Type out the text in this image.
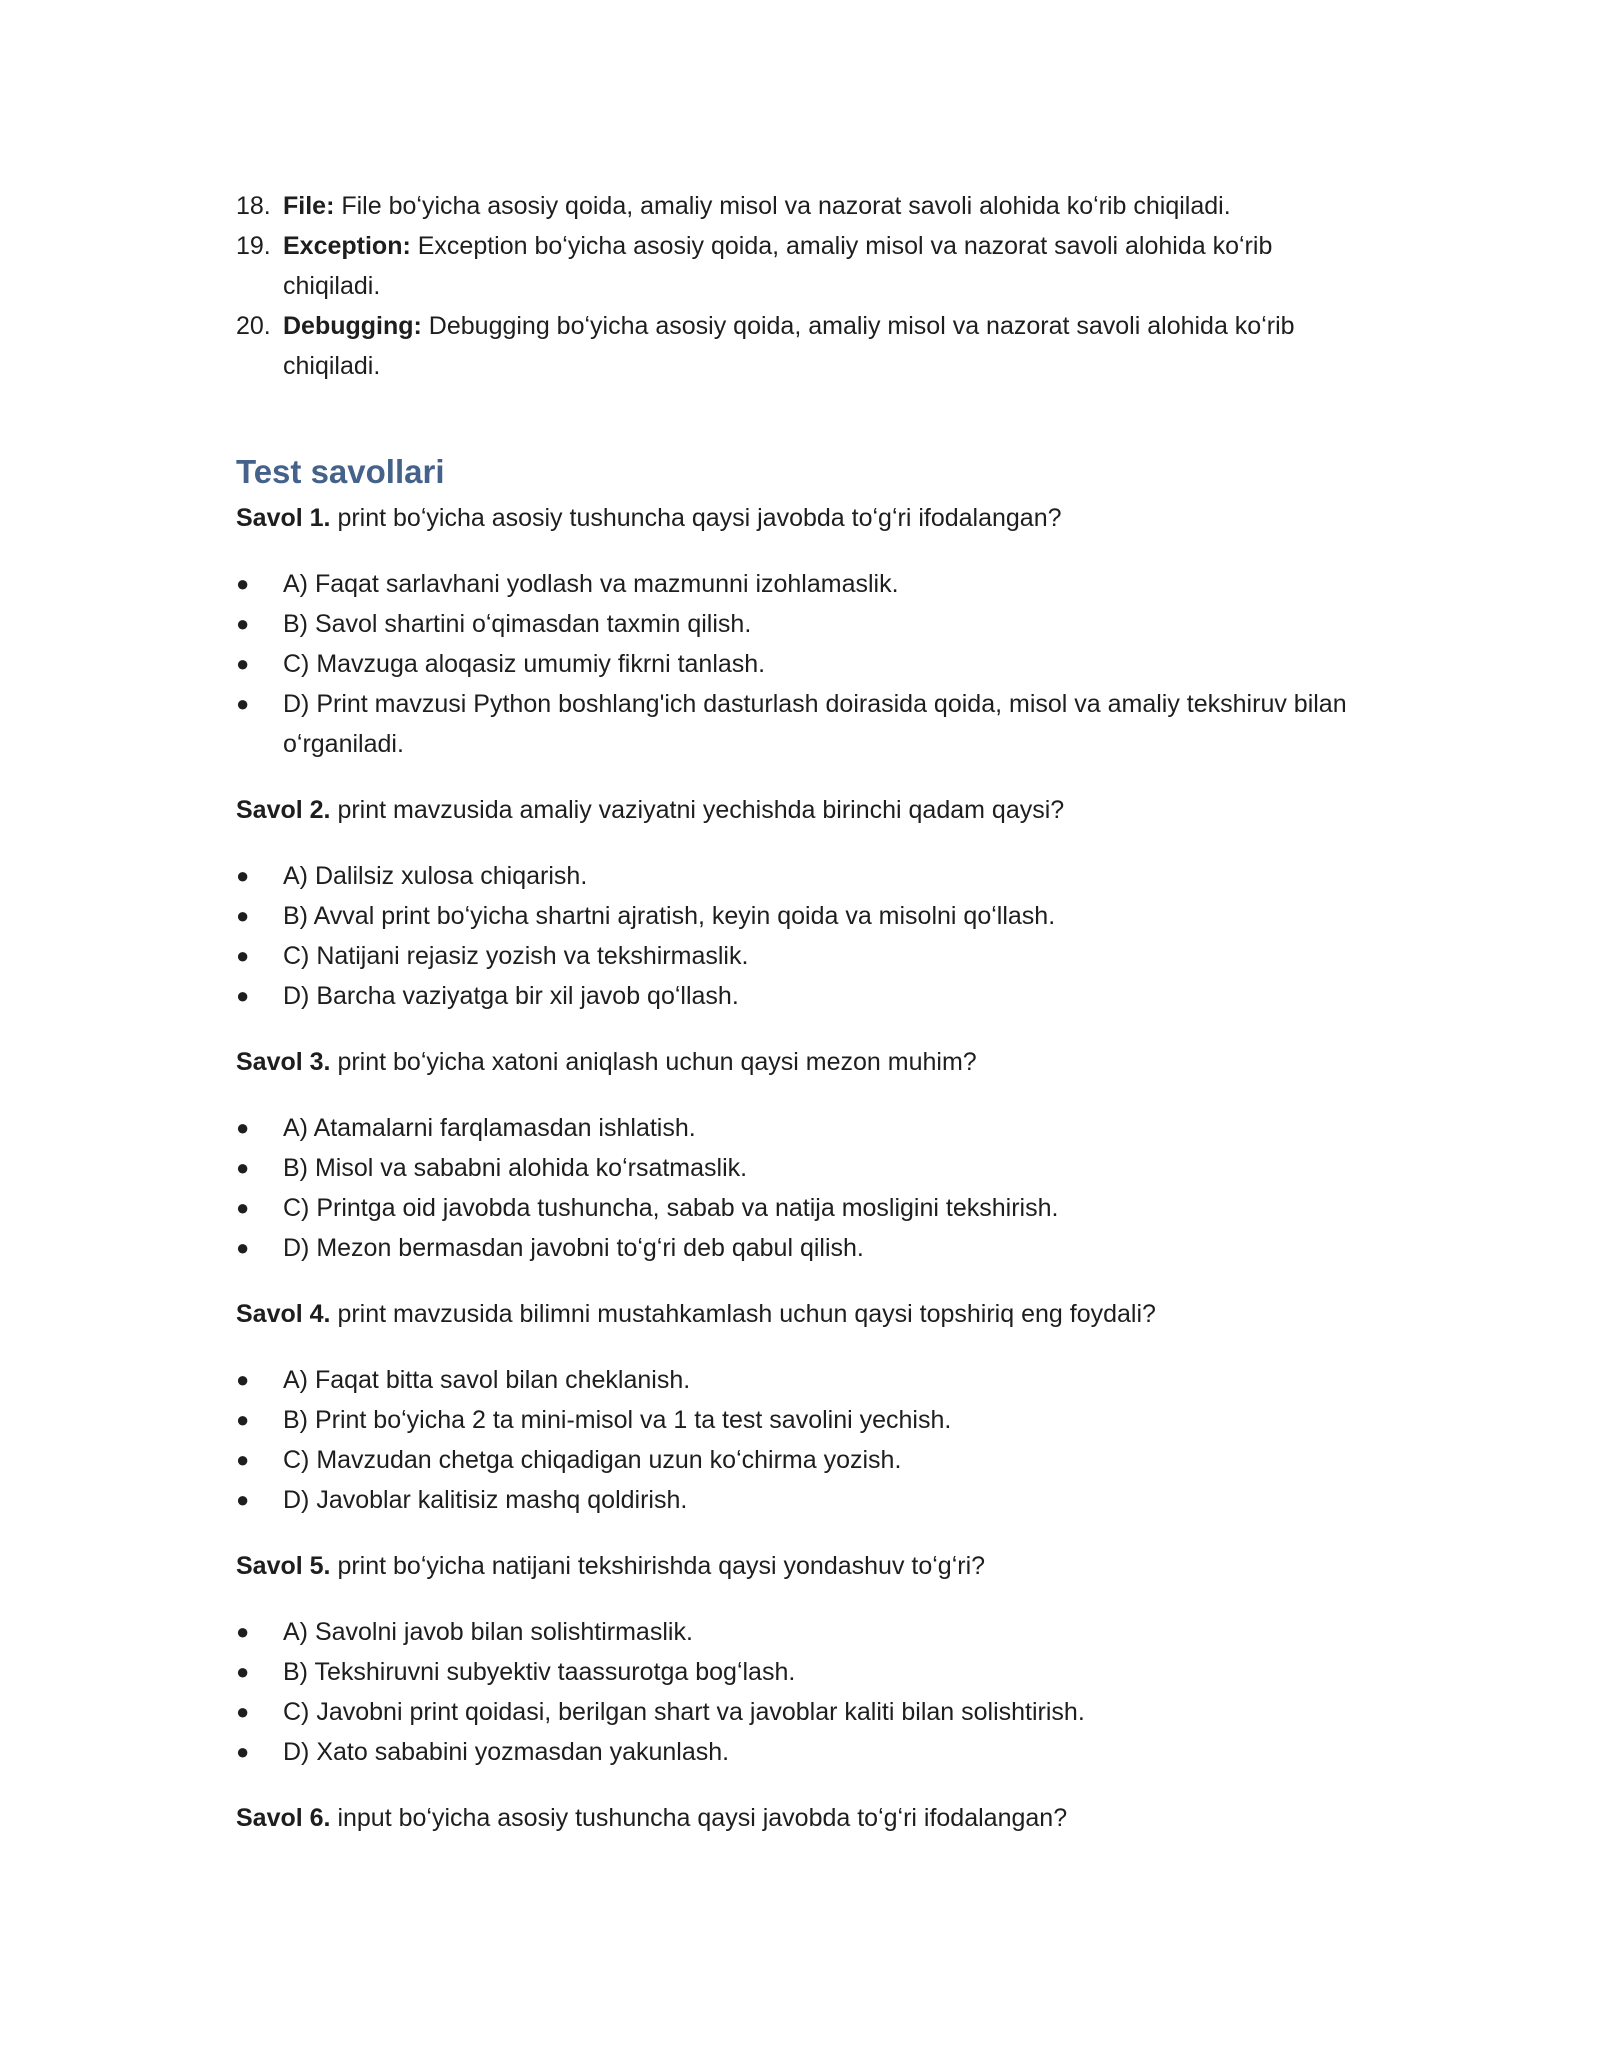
18. File: File boʻyicha asosiy qoida, amaliy misol va nazorat savoli alohida koʻrib chiqiladi.
19. Exception: Exception boʻyicha asosiy qoida, amaliy misol va nazorat savoli alohida koʻrib chiqiladi.
20. Debugging: Debugging boʻyicha asosiy qoida, amaliy misol va nazorat savoli alohida koʻrib chiqiladi.
Test savollari
Savol 1. print boʻyicha asosiy tushuncha qaysi javobda toʻgʻri ifodalangan?
● A) Faqat sarlavhani yodlash va mazmunni izohlamaslik.
● B) Savol shartini oʻqimasdan taxmin qilish.
● C) Mavzuga aloqasiz umumiy fikrni tanlash.
● D) Print mavzusi Python boshlang'ich dasturlash doirasida qoida, misol va amaliy tekshiruv bilan oʻrganiladi.
Savol 2. print mavzusida amaliy vaziyatni yechishda birinchi qadam qaysi?
● A) Dalilsiz xulosa chiqarish.
● B) Avval print boʻyicha shartni ajratish, keyin qoida va misolni qoʻllash.
● C) Natijani rejasiz yozish va tekshirmaslik.
● D) Barcha vaziyatga bir xil javob qoʻllash.
Savol 3. print boʻyicha xatoni aniqlash uchun qaysi mezon muhim?
● A) Atamalarni farqlamasdan ishlatish.
● B) Misol va sababni alohida koʻrsatmaslik.
● C) Printga oid javobda tushuncha, sabab va natija mosligini tekshirish.
● D) Mezon bermasdan javobni toʻgʻri deb qabul qilish.
Savol 4. print mavzusida bilimni mustahkamlash uchun qaysi topshiriq eng foydali?
● A) Faqat bitta savol bilan cheklanish.
● B) Print boʻyicha 2 ta mini-misol va 1 ta test savolini yechish.
● C) Mavzudan chetga chiqadigan uzun koʻchirma yozish.
● D) Javoblar kalitisiz mashq qoldirish.
Savol 5. print boʻyicha natijani tekshirishda qaysi yondashuv toʻgʻri?
● A) Savolni javob bilan solishtirmaslik.
● B) Tekshiruvni subyektiv taassurotga bogʻlash.
● C) Javobni print qoidasi, berilgan shart va javoblar kaliti bilan solishtirish.
● D) Xato sababini yozmasdan yakunlash.
Savol 6. input boʻyicha asosiy tushuncha qaysi javobda toʻgʻri ifodalangan?
